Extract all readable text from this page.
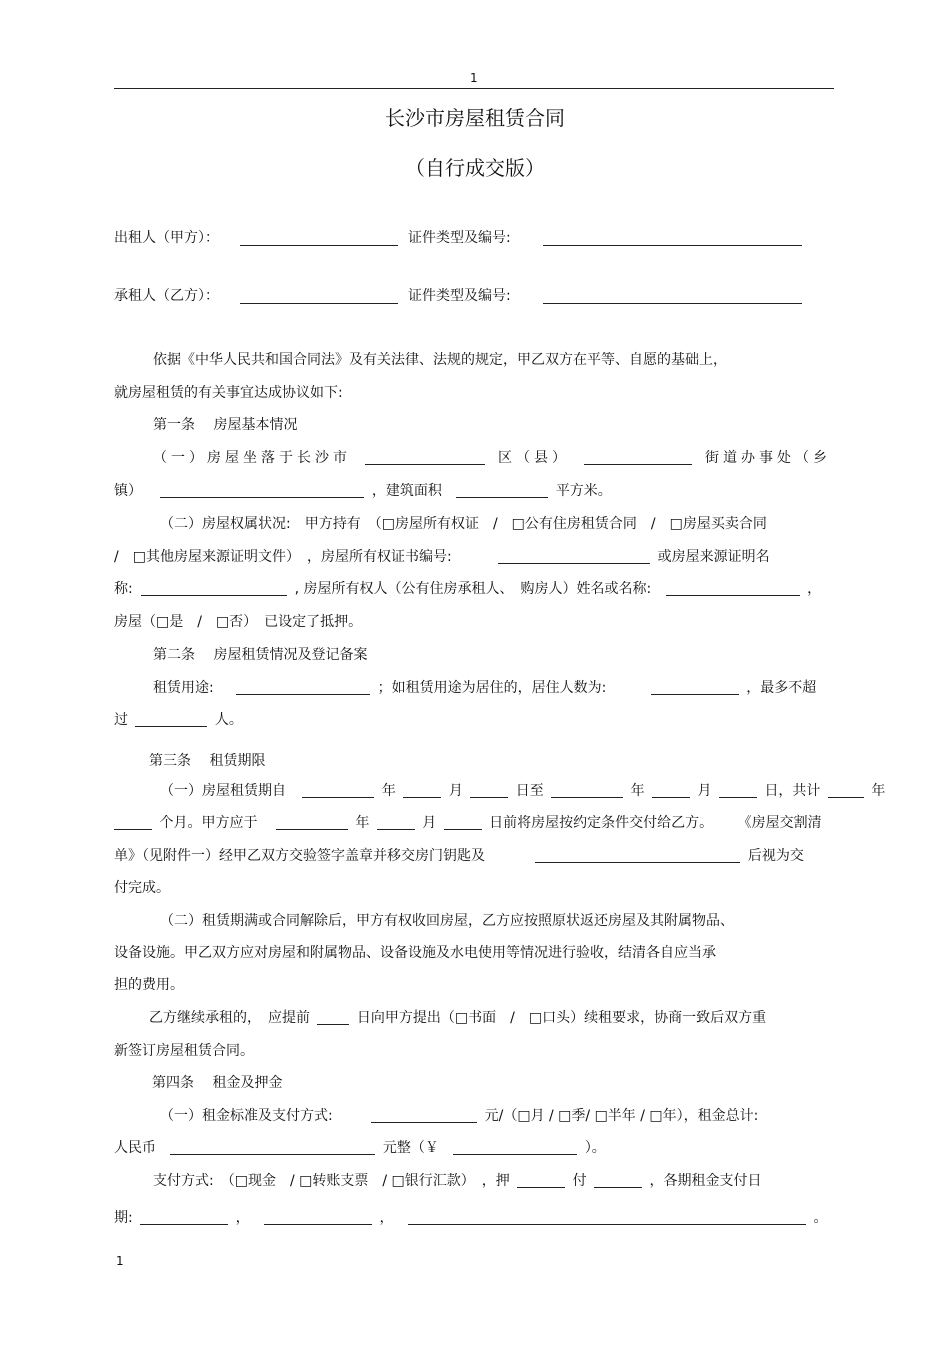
1
长沙市房屋租赁合同
（自行成交版）
出租人（甲方）：	证件类型及编号:
承租人（乙方）：	证件类型及编号:
依据《中华人民共和国合同法》及有关法律、法规的规定，甲乙双方在平等、自愿的基础上，
就房屋租赁的有关事宜达成协议如下:
第一条　 房屋基本情况
（一）房屋坐落于长沙市	区（县）	街道办事处（乡
镇）	，建筑面积	平方米。
（二）房屋权属状况:　甲方持有　（□房屋所有权证　/　□公有住房租赁合同　/　□房屋买卖合同
/　□其他房屋来源证明文件）　，房屋所有权证书编号:	或房屋来源证明名
称:	, 房屋所有权人（公有住房承租人、　购房人）姓名或名称:	，
房屋（□是　/　□否）　已设定了抵押。
第二条　 房屋租赁情况及登记备案
租赁用途:	；如租赁用途为居住的，居住人数为:	，最多不超
过	人。
第三条　 租赁期限
（一）房屋租赁期自	年	月	日至	年	月	日，共计	年
个月。甲方应于	年	月	日前将房屋按约定条件交付给乙方。 《房屋交割清
单》（见附件一）经甲乙双方交验签字盖章并移交房门钥匙及	后视为交
付完成。
（二）租赁期满或合同解除后，甲方有权收回房屋，乙方应按照原状返还房屋及其附属物品、
设备设施。甲乙双方应对房屋和附属物品、设备设施及水电使用等情况进行验收，结清各自应当承
担的费用。
乙方继续承租的，　应提前	日向甲方提出（□书面　/　□口头）续租要求，协商一致后双方重
新签订房屋租赁合同。
第四条　 租金及押金
（一）租金标准及支付方式:	元/（□月 / □季/ □半年 / □年），租金总计:
人民币	元整（￥	）。
支付方式:　（□现金　/ □转账支票　/ □银行汇款）　，押	付	，各期租金支付日
期:	，	，	。
1
